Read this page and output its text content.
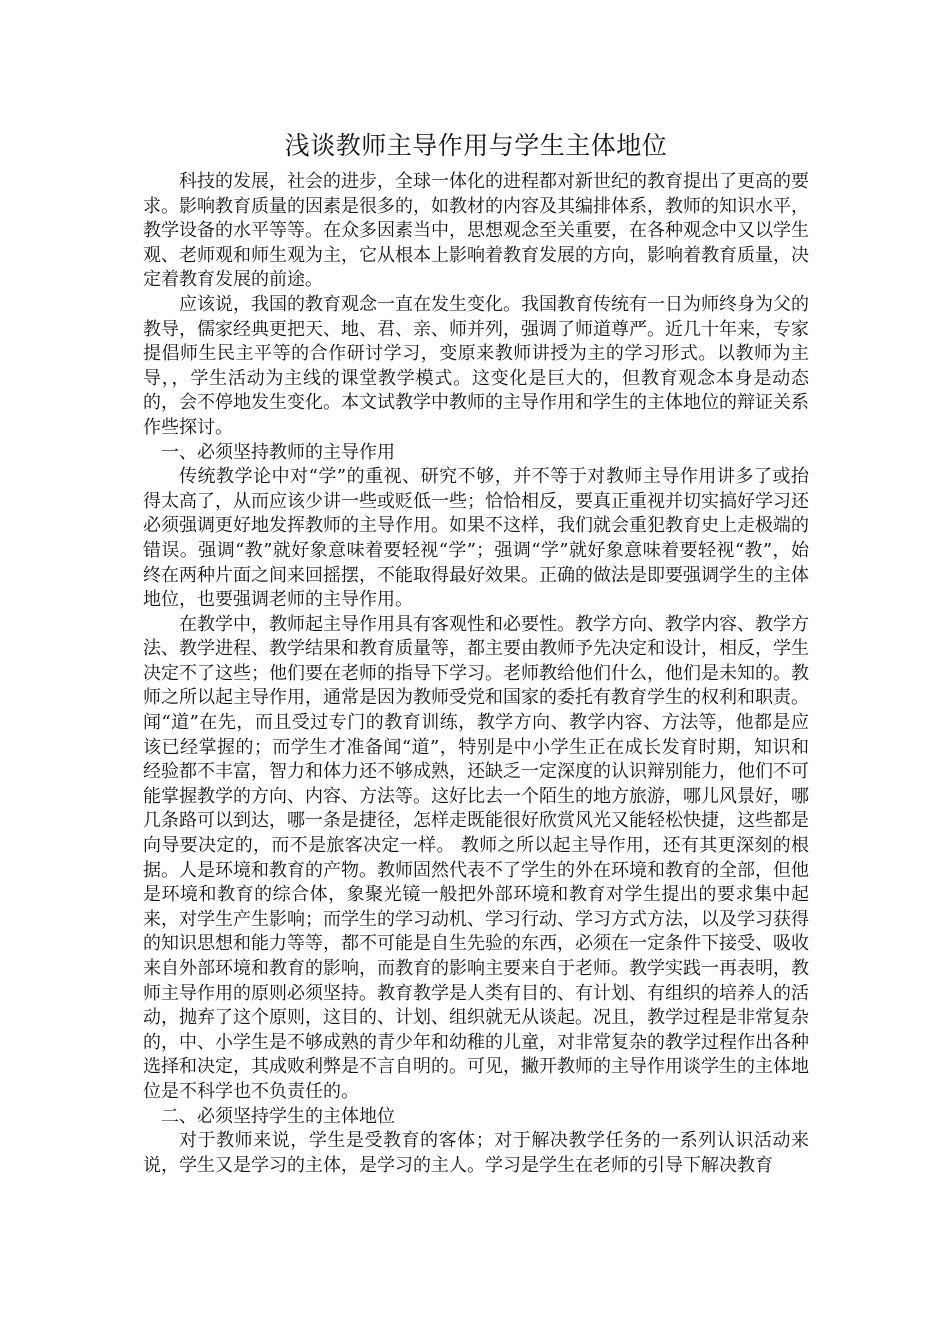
浅谈教师主导作用与学生主体地位

科技的发展，社会的进步，全球一体化的进程都对新世纪的教育提出了更高的要求。影响教育质量的因素是很多的，如教材的内容及其编排体系，教师的知识水平，教学设备的水平等等。在众多因素当中，思想观念至关重要，在各种观念中又以学生观、老师观和师生观为主，它从根本上影响着教育发展的方向，影响着教育质量，决定着教育发展的前途。

应该说，我国的教育观念一直在发生变化。我国教育传统有一日为师终身为父的教导，儒家经典更把天、地、君、亲、师并列，强调了师道尊严。近几十年来，专家提倡师生民主平等的合作研讨学习，变原来教师讲授为主的学习形式。以教师为主导，，学生活动为主线的课堂教学模式。这变化是巨大的，但教育观念本身是动态的，会不停地发生变化。本文试教学中教师的主导作用和学生的主体地位的辩证关系作些探讨。

一、必须坚持教师的主导作用

传统教学论中对“学”的重视、研究不够，并不等于对教师主导作用讲多了或抬得太高了，从而应该少讲一些或贬低一些；恰恰相反，要真正重视并切实搞好学习还必须强调更好地发挥教师的主导作用。如果不这样，我们就会重犯教育史上走极端的错误。强调“教”就好象意味着要轻视“学”；强调“学”就好象意味着要轻视“教”，始终在两种片面之间来回摇摆，不能取得最好效果。正确的做法是即要强调学生的主体地位，也要强调老师的主导作用。

在教学中，教师起主导作用具有客观性和必要性。教学方向、教学内容、教学方法、教学进程、教学结果和教育质量等，都主要由教师予先决定和设计，相反，学生决定不了这些；他们要在老师的指导下学习。老师教给他们什么，他们是未知的。教师之所以起主导作用，通常是因为教师受党和国家的委托有教育学生的权利和职责。闻“道”在先，而且受过专门的教育训练，教学方向、教学内容、方法等，他都是应该已经掌握的；而学生才准备闻“道”，特别是中小学生正在成长发育时期，知识和经验都不丰富，智力和体力还不够成熟，还缺乏一定深度的认识辩别能力，他们不可能掌握教学的方向、内容、方法等。这好比去一个陌生的地方旅游，哪儿风景好，哪几条路可以到达，哪一条是捷径，怎样走既能很好欣赏风光又能轻松快捷，这些都是向导要决定的，而不是旅客决定一样。 教师之所以起主导作用，还有其更深刻的根据。人是环境和教育的产物。教师固然代表不了学生的外在环境和教育的全部，但他是环境和教育的综合体，象聚光镜一般把外部环境和教育对学生提出的要求集中起来，对学生产生影响；而学生的学习动机、学习行动、学习方式方法，以及学习获得的知识思想和能力等等，都不可能是自生先验的东西，必须在一定条件下接受、吸收来自外部环境和教育的影响，而教育的影响主要来自于老师。教学实践一再表明，教师主导作用的原则必须坚持。教育教学是人类有目的、有计划、有组织的培养人的活动，抛弃了这个原则，这目的、计划、组织就无从谈起。况且，教学过程是非常复杂的，中、小学生是不够成熟的青少年和幼稚的儿童，对非常复杂的教学过程作出各种选择和决定，其成败利弊是不言自明的。可见，撇开教师的主导作用谈学生的主体地位是不科学也不负责任的。

二、必须坚持学生的主体地位

对于教师来说，学生是受教育的客体；对于解决教学任务的一系列认识活动来说，学生又是学习的主体，是学习的主人。学习是学生在老师的引导下解决教育
